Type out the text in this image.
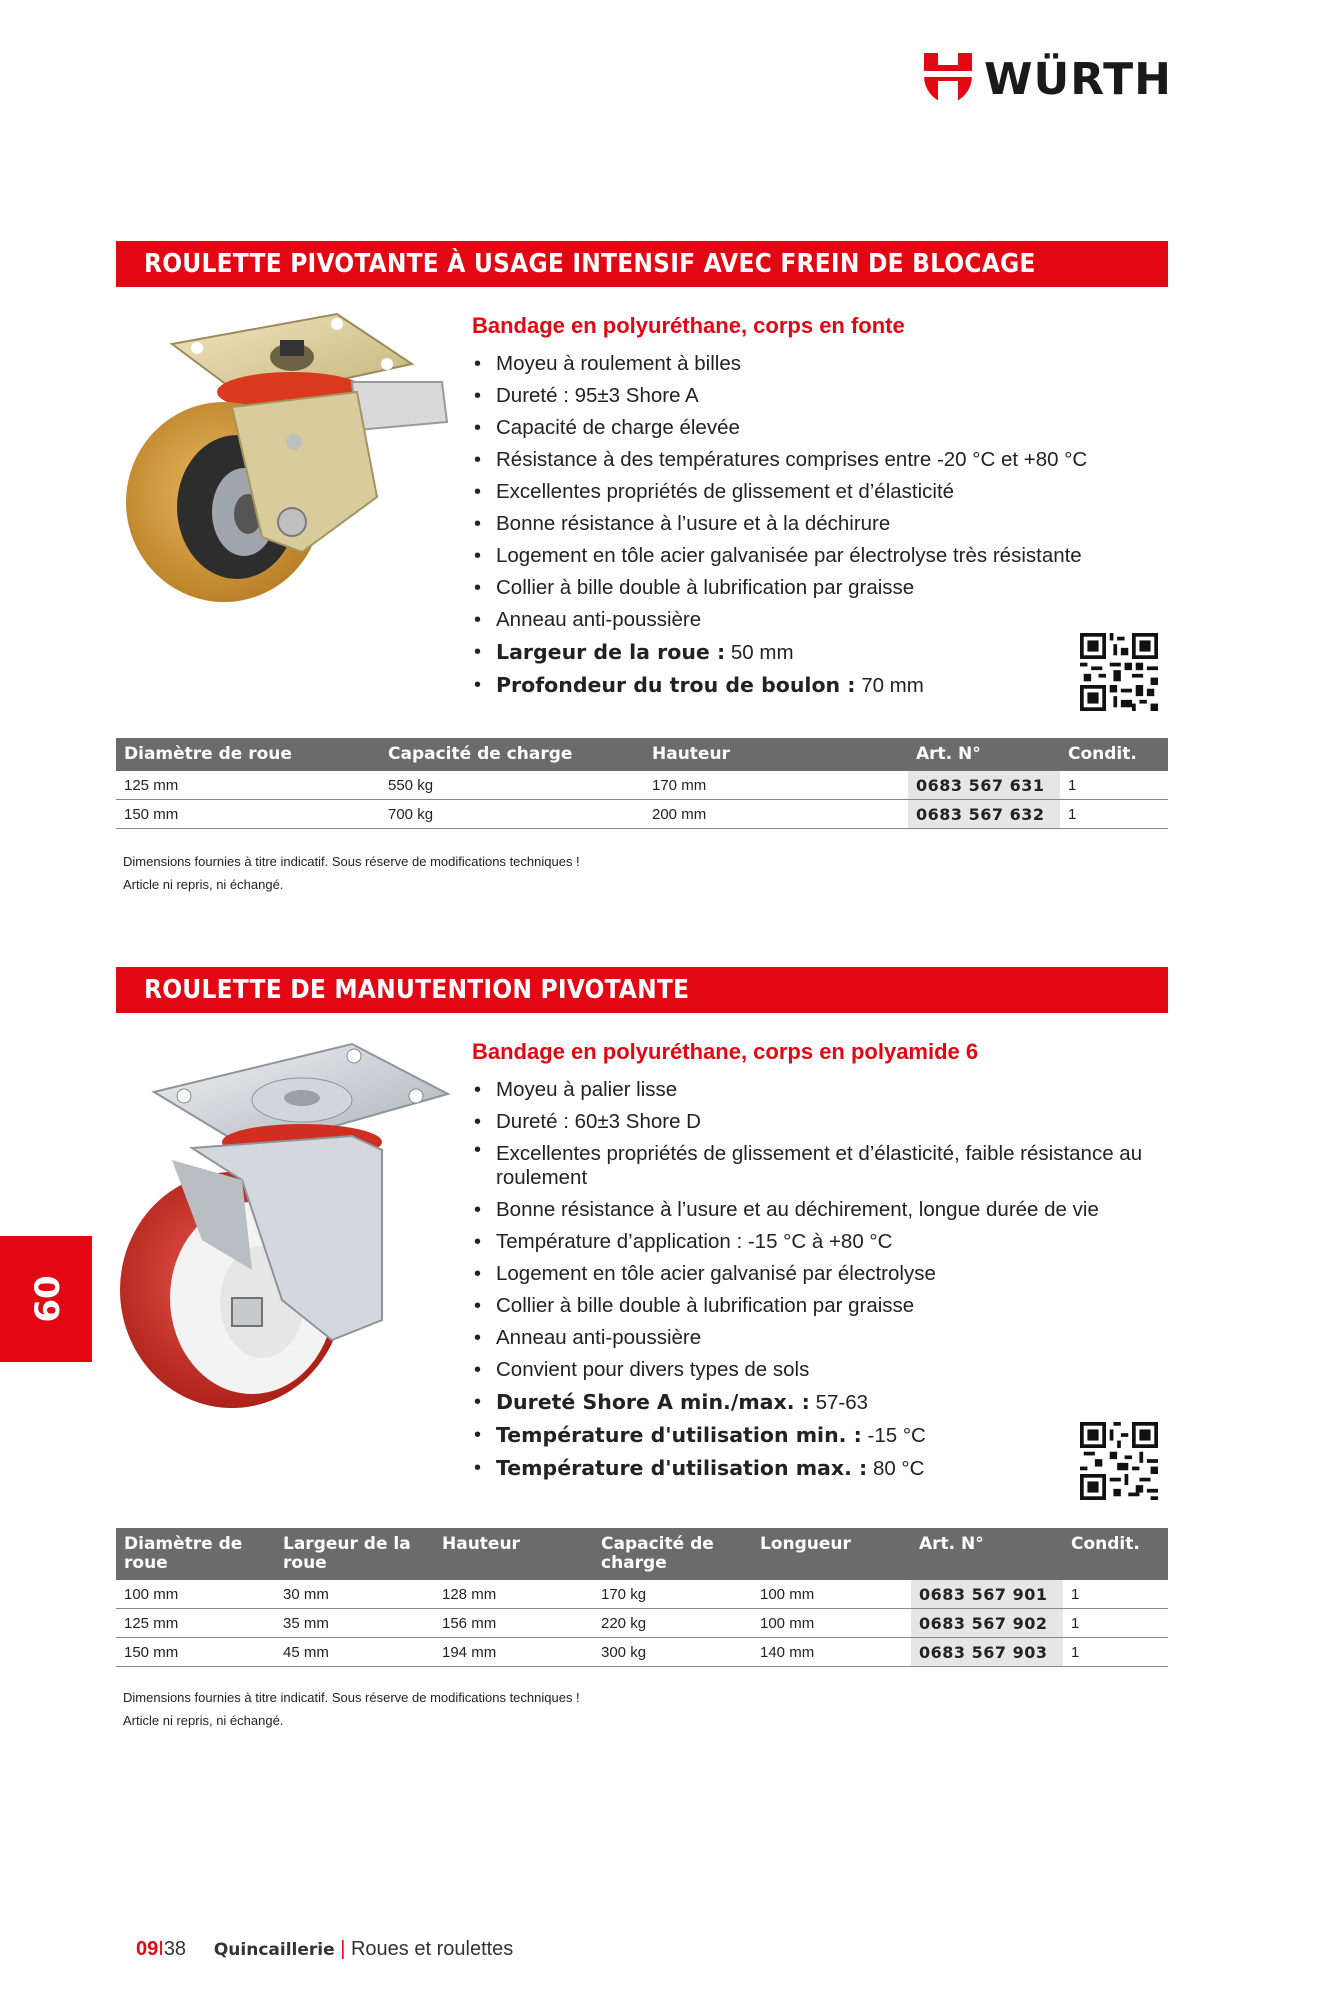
WÜRTH
ROULETTE PIVOTANTE À USAGE INTENSIF AVEC FREIN DE BLOCAGE
Bandage en polyuréthane, corps en fonte
• Moyeu à roulement à billes
• Dureté : 95±3 Shore A
• Capacité de charge élevée
• Résistance à des températures comprises entre -20 °C et +80 °C
• Excellentes propriétés de glissement et d’élasticité
• Bonne résistance à l’usure et à la déchirure
• Logement en tôle acier galvanisée par électrolyse très résistante
• Collier à bille double à lubrification par graisse
• Anneau anti-poussière
• Largeur de la roue : 50 mm
• Profondeur du trou de boulon : 70 mm
Diamètre de roue	Capacité de charge	Hauteur	Art. N°	Condit.
125 mm	550 kg	170 mm	0683 567 631	1
150 mm	700 kg	200 mm	0683 567 632	1
Dimensions fournies à titre indicatif. Sous réserve de modifications techniques !
Article ni repris, ni échangé.
ROULETTE DE MANUTENTION PIVOTANTE
Bandage en polyuréthane, corps en polyamide 6
• Moyeu à palier lisse
• Dureté : 60±3 Shore D
• Excellentes propriétés de glissement et d’élasticité, faible résistance au roulement
• Bonne résistance à l’usure et au déchirement, longue durée de vie
• Température d’application : -15 °C à +80 °C
• Logement en tôle acier galvanisé par électrolyse
• Collier à bille double à lubrification par graisse
• Anneau anti-poussière
• Convient pour divers types de sols
• Dureté Shore A min./max. : 57-63
• Température d'utilisation min. : -15 °C
• Température d'utilisation max. : 80 °C
Diamètre de roue	Largeur de la roue	Hauteur	Capacité de charge	Longueur	Art. N°	Condit.
100 mm	30 mm	128 mm	170 kg	100 mm	0683 567 901	1
125 mm	35 mm	156 mm	220 kg	100 mm	0683 567 902	1
150 mm	45 mm	194 mm	300 kg	140 mm	0683 567 903	1
Dimensions fournies à titre indicatif. Sous réserve de modifications techniques !
Article ni repris, ni échangé.
09
09I38 Quincaillerie | Roues et roulettes
